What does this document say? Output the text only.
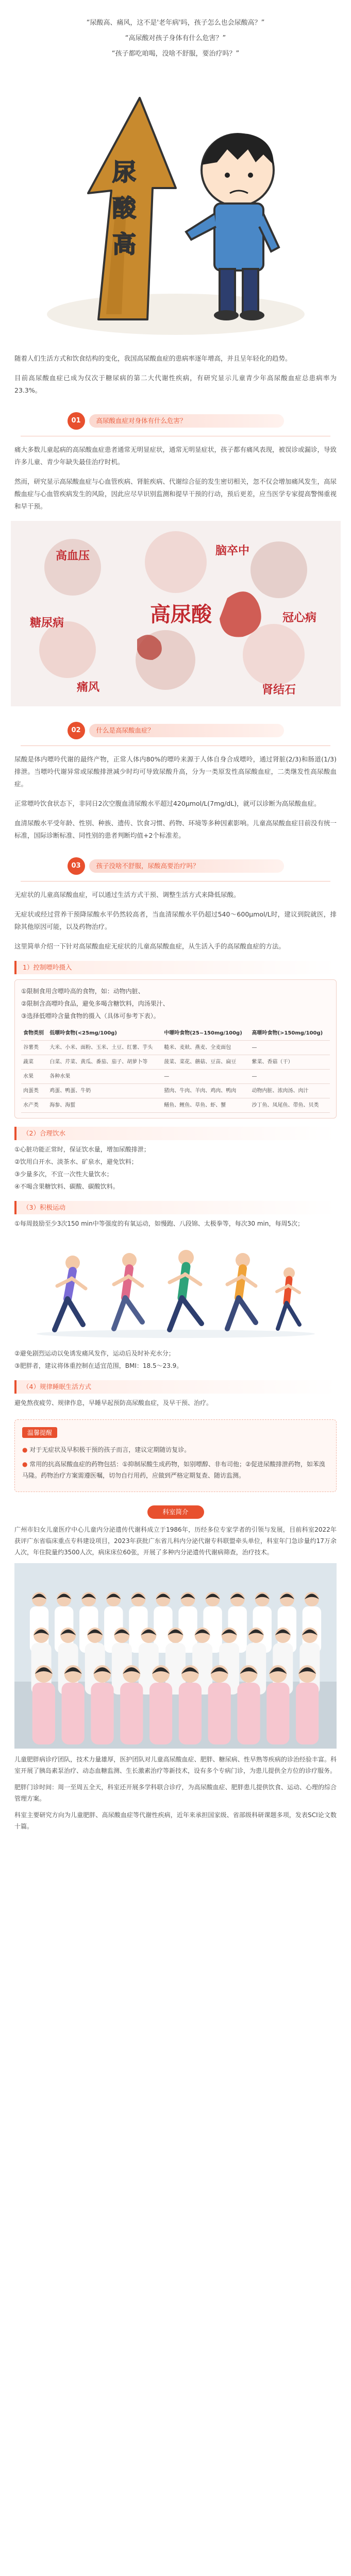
“尿酸高、痛风，这不是'老年病'吗，孩子怎么也会尿酸高？”
“高尿酸对孩子身体有什么危害？”
“孩子都吃咱喝，没啥不舒服，要治疗吗？”
尿
酸
高

随着人们生活方式和饮食结构的变化，我国高尿酸血症的患病率逐年增高，并且呈年轻化的趋势。

目前高尿酸血症已成为仅次于糖尿病的第二大代谢性疾病，有研究显示儿童青少年高尿酸血症总患病率为23.3%。

01	高尿酸血症对身体有什么危害？

痛大多数儿童起病的高尿酸血症患者通常无明显症状，通常无明显症状，孩子都有痛风表现，被误诊或漏诊，导致许多儿童、青少年缺失最佳治疗时机。

然而，研究显示高尿酸血症与心血管疾病、肾脏疾病、代谢综合征的发生密切相关，忽不仅会增加痛风发生，高尿酸血症与心血管疾病发生的风险，因此应尽早识别监测和提早干预的行动，预后更差，应当医学专家提高警惕重视和早干预。

高血压	脑卒中
糖尿病	冠心病
痛风	肾结石
高尿酸
02	什么是高尿酸血症？

尿酸是体内嘌呤代谢的最终产物，正常人体内80%的嘌呤来源于人体自身合成嘌呤，通过肾脏(2/3)和肠道(1/3)排泄。当嘌呤代谢异常或尿酸排泄减少时均可导致尿酸升高，分为一类原发性高尿酸血症，二类继发性高尿酸血症。

正常嘌呤饮食状态下，非同日2次空腹血清尿酸水平超过420μmol/L(7mg/dL)，就可以诊断为高尿酸血症。

血清尿酸水平受年龄、性别、种族、遗传、饮食习惯、药物、环境等多种因素影响。儿童高尿酸血症目前没有统一标准，国际诊断标准、同性别的患者判断均值+2个标准差。

03	孩子没啥不舒服，尿酸高要治疗吗？

无症状的儿童高尿酸血症，可以通过生活方式干预、调整生活方式来降低尿酸。

无症状或经过营养干预降尿酸水平仍然较高者，当血清尿酸水平仍超过540～600μmol/L时，建议到院就医，排除其他原因可能，以及药物治疗。

这里简单介绍一下针对高尿酸血症无症状的儿童高尿酸血症，从生活入手的高尿酸血症的方法。

1）控制嘌呤摄入
①限制食用含嘌呤高的食物，如：动物内脏、
②限制含高嘌呤食品，避免多喝含糖饮料，肉汤果汁、
③选择低嘌呤含量食物的摄入（具体可参考下表）。
食物类别	低嘌呤食物(<25mg/100g)	中嘌呤食物(25~150mg/100g)	高嘌呤食物(>150mg/100g)
谷薯类	大米、小米、面粉、玉米、土豆、红薯、芋头	糙米、麦麸、燕麦、全麦面包	—
蔬菜	白菜、芹菜、黄瓜、番茄、茄子、胡萝卜等	菠菜、菜花、蘑菇、豆苗、扁豆	紫菜、香菇（干）
水果	各种水果	—	—
肉蛋类	鸡蛋、鸭蛋、牛奶	猪肉、牛肉、羊肉、鸡肉、鸭肉	动物内脏、浓肉汤、肉汁
水产类	海参、海蜇	鳝鱼、鲤鱼、草鱼、虾、蟹	沙丁鱼、凤尾鱼、带鱼、贝类
（2）合理饮水
①心脏功能正常时，保证饮水量，增加尿酸排泄；
②饮用白开水、淡茶水、矿泉水，避免饮料；
③少量多次，不宜一次性大量饮水；
④不喝含果糖饮料、碳酸、碳酸饮料。
（3）积极运动
①每周鼓励至少3次150 min中等强度的有氧运动，如慢跑、八段锦、太极拳等，每次30 min，每周5次；
②避免剧烈运动以免诱发痛风发作，运动后及时补充水分；
③肥胖者，建议将体重控制在适宜范围，BMI：18.5～23.9。
（4）规律睡眠生活方式
避免熬夜疲劳、规律作息，早睡早起预防高尿酸血症，及早干预、治疗。
温馨提醒

● 对于无症状及早积极干预的孩子而言，建议定期随访复诊。

● 常用的抗高尿酸血症的药物包括：①抑制尿酸生成药物，如别嘌醇、非布司他；②促进尿酸排泄药物，如苯溴马隆。药物治疗方案需遵医嘱，切勿自行用药，应做到严格定期复查、随访监测。

科室简介

广州市妇女儿童医疗中心儿童内分泌遗传代谢科成立于1986年，历经多位专家学者的引领与发展，目前科室2022年获评广东省临床重点专科建设项目，2023年获批广东省儿科内分泌代谢专科联盟牵头单位，科室年门急诊量约17万余人次，年住院量约3500人次，病床床位60张，开展了多种内分泌遗传代谢病筛查，治疗技术。

儿童肥胖病诊疗团队，技术力量雄厚，医护团队对儿童高尿酸血症、肥胖、糖尿病、性早熟等疾病的诊治经验丰富。科室开展了胰岛素泵治疗、动态血糖监测、生长激素治疗等新技术，设有多个专病门诊，为患儿提供全方位的诊疗服务。

肥胖门诊时间：周一至周五全天，科室还开展多学科联合诊疗，为高尿酸血症、肥胖患儿提供饮食、运动、心理的综合管理方案。

科室主要研究方向为儿童肥胖、高尿酸血症等代谢性疾病，近年来承担国家级、省部级科研课题多项，发表SCI论文数十篇。
